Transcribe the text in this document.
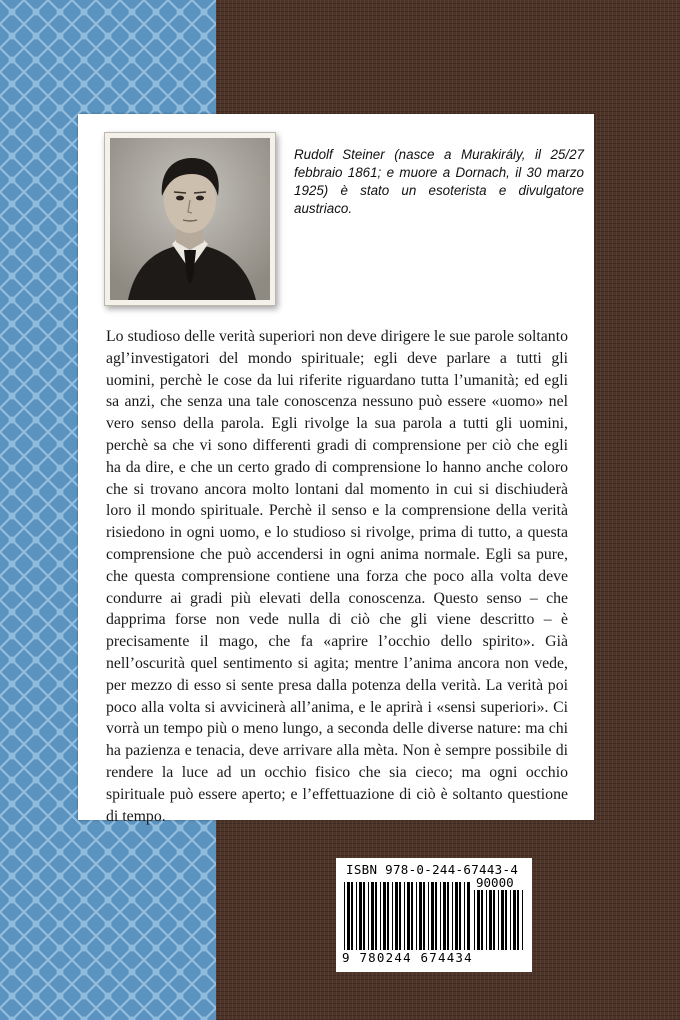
Rudolf Steiner (nasce a Murakirály, il 25/27 febbraio 1861; e muore a Dornach, il 30 marzo 1925) è stato un esoterista e divulgatore austriaco.
Lo studioso delle verità superiori non deve dirigere le sue parole soltanto agl’investigatori del mondo spirituale; egli deve parlare a tutti gli uomini, perchè le cose da lui riferite riguardano tutta l’umanità; ed egli sa anzi, che senza una tale conoscenza nessuno può essere «uomo» nel vero senso della parola. Egli rivolge la sua parola a tutti gli uomini, perchè sa che vi sono differenti gradi di comprensione per ciò che egli ha da dire, e che un certo grado di comprensione lo hanno anche coloro che si trovano ancora molto lontani dal momento in cui si dischiuderà loro il mondo spirituale. Perchè il senso e la comprensione della verità risiedono in ogni uomo, e lo studioso si rivolge, prima di tutto, a questa comprensione che può accendersi in ogni anima normale. Egli sa pure, che questa comprensione contiene una forza che poco alla volta deve condurre ai gradi più elevati della conoscenza. Questo senso – che dapprima forse non vede nulla di ciò che gli viene descritto – è precisamente il mago, che fa «aprire l’occhio dello spirito». Già nell’oscurità quel sentimento si agita; mentre l’anima ancora non vede, per mezzo di esso si sente presa dalla potenza della verità. La verità poi poco alla volta si avvicinerà all’anima, e le aprirà i «sensi superiori». Ci vorrà un tempo più o meno lungo, a seconda delle diverse nature: ma chi ha pazienza e tenacia, deve arrivare alla mèta. Non è sempre possibile di rendere la luce ad un occhio fisico che sia cieco; ma ogni occhio spirituale può essere aperto; e l’effettuazione di ciò è soltanto questione di tempo.
ISBN 978-0-244-67443-4
90000
9 780244 674434
